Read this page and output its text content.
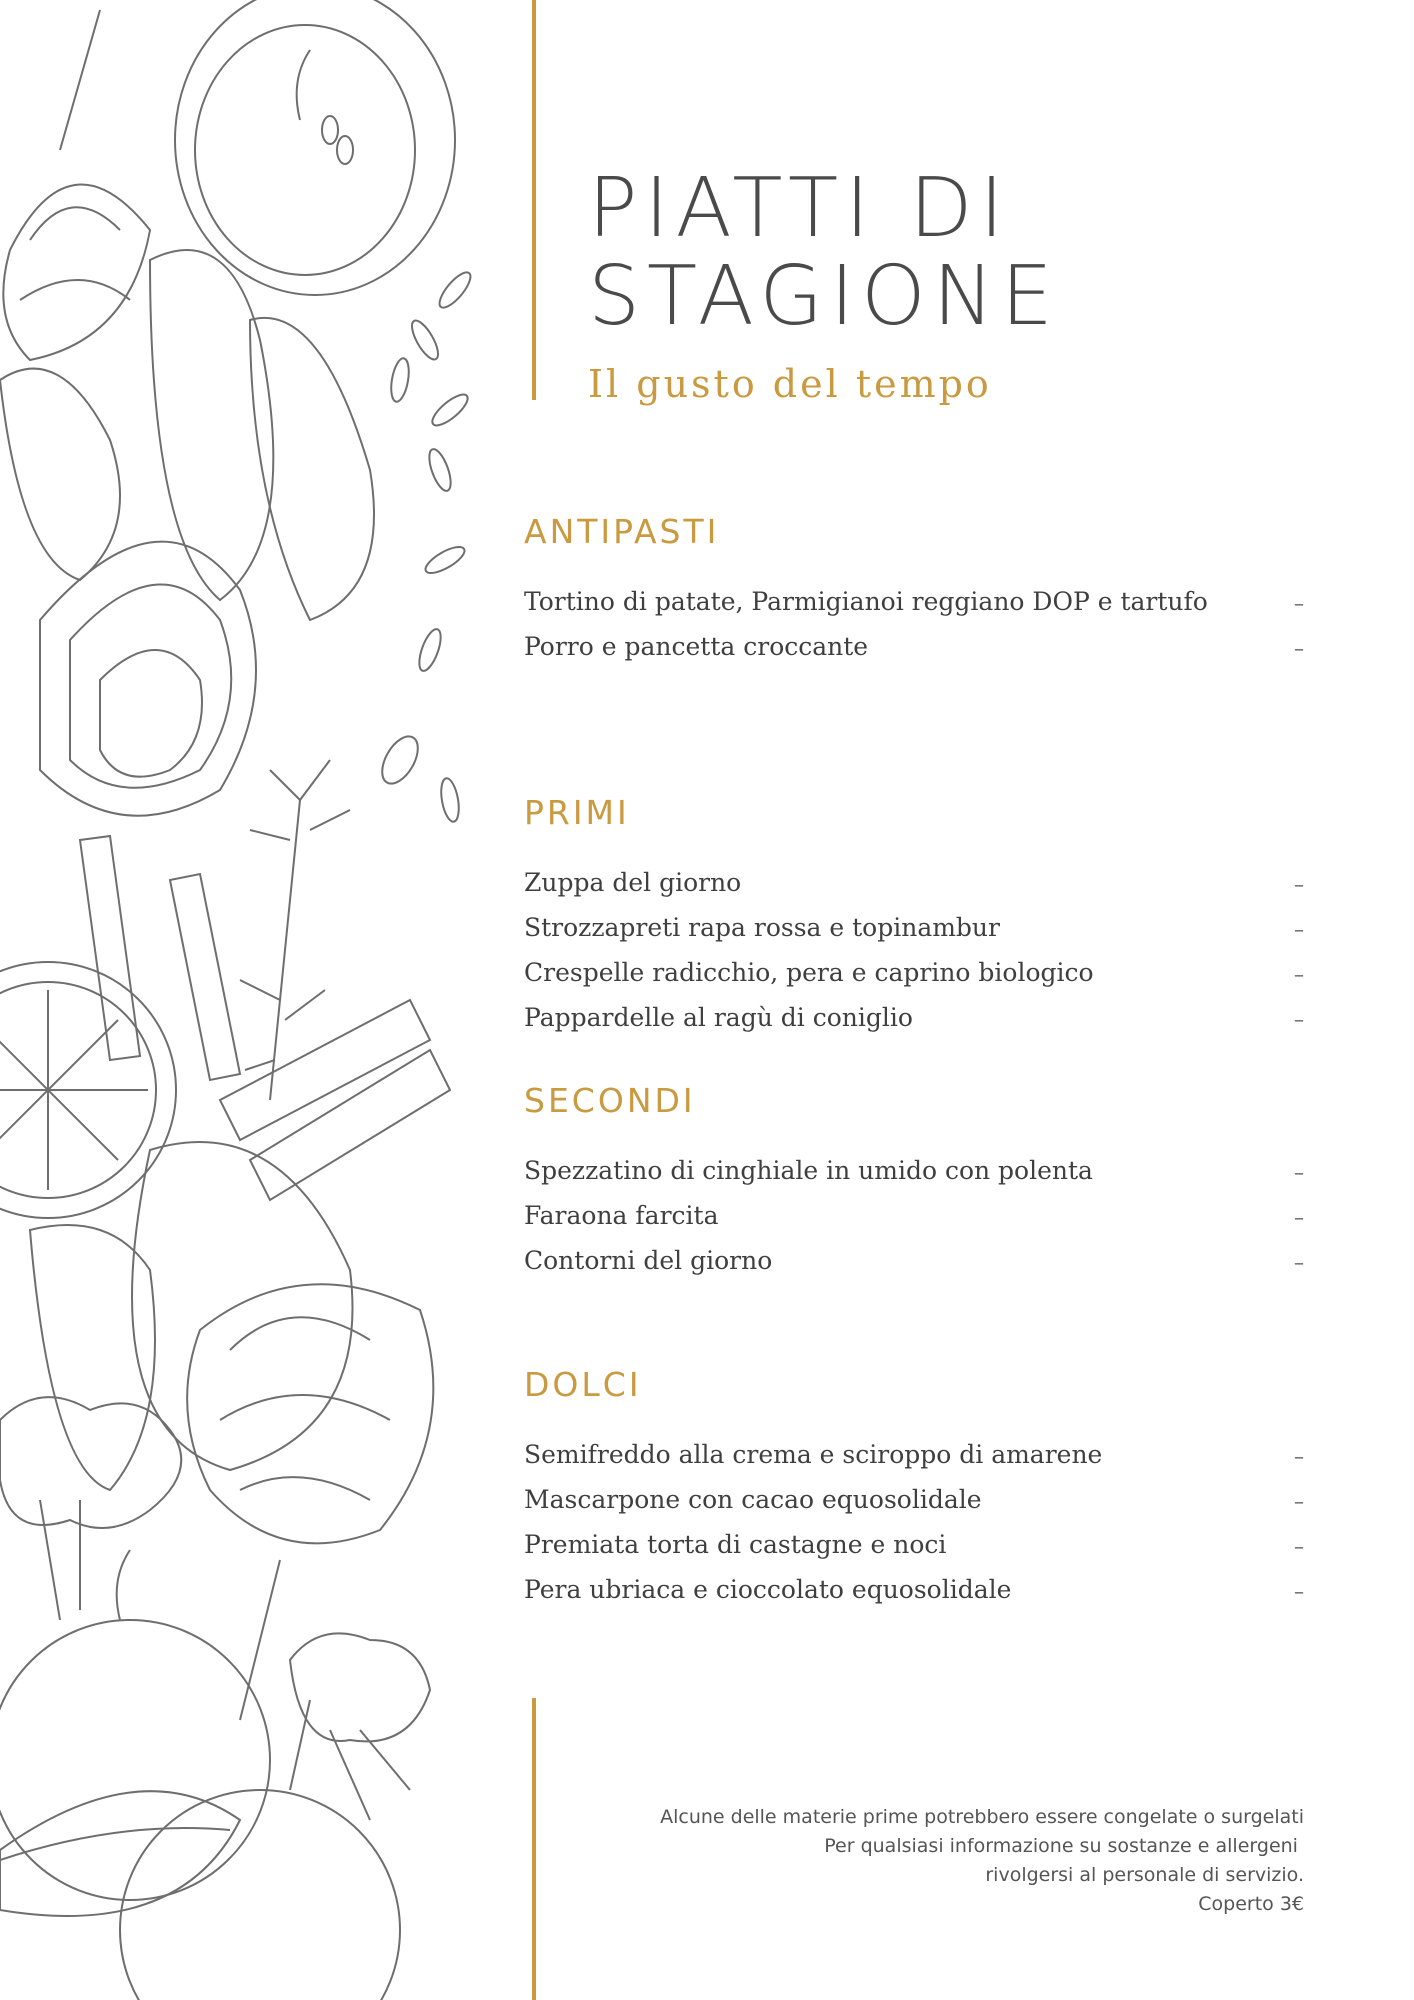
PIATTI DI
STAGIONE

Il gusto del tempo

ANTIPASTI
Tortino di patate, Parmigianoi reggiano DOP e tartufo	–
Porro e pancetta croccante	–
PRIMI
Zuppa del giorno	–
Strozzapreti rapa rossa e topinambur	–
Crespelle radicchio, pera e caprino biologico	–
Pappardelle al ragù di coniglio	–
SECONDI
Spezzatino di cinghiale in umido con polenta	–
Faraona farcita	–
Contorni del giorno	–
DOLCI
Semifreddo alla crema e sciroppo di amarene	–
Mascarpone con cacao equosolidale	–
Premiata torta di castagne e noci	–
Pera ubriaca e cioccolato equosolidale	–
Alcune delle materie prime potrebbero essere congelate o surgelati
Per qualsiasi informazione su sostanze e allergeni
rivolgersi al personale di servizio.
Coperto 3€
